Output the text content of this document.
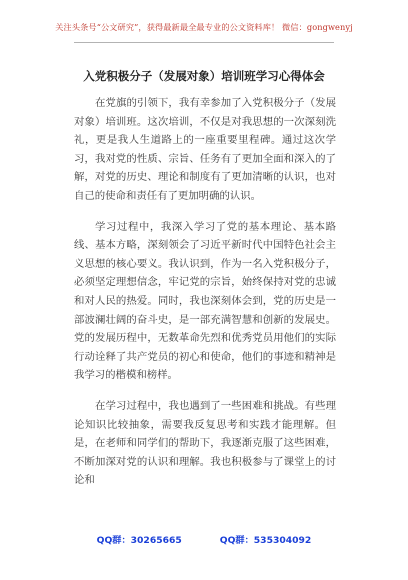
关注头条号“公文研究”，获得最新最全最专业的公文资料库！ 微信：gongwenyj
入党积极分子（发展对象）培训班学习心得体会

在党旗的引领下，我有幸参加了入党积极分子（发展对象）培训班。这次培训，不仅是对我思想的一次深刻洗礼，更是我人生道路上的一座重要里程碑。通过这次学习，我对党的性质、宗旨、任务有了更加全面和深入的了解，对党的历史、理论和制度有了更加清晰的认识，也对自己的使命和责任有了更加明确的认识。

学习过程中，我深入学习了党的基本理论、基本路线、基本方略，深刻领会了习近平新时代中国特色社会主义思想的核心要义。我认识到，作为一名入党积极分子，必须坚定理想信念，牢记党的宗旨，始终保持对党的忠诚和对人民的热爱。同时，我也深刻体会到，党的历史是一部波澜壮阔的奋斗史，是一部充满智慧和创新的发展史。党的发展历程中，无数革命先烈和优秀党员用他们的实际行动诠释了共产党员的初心和使命，他们的事迹和精神是我学习的楷模和榜样。

在学习过程中，我也遇到了一些困难和挑战。有些理论知识比较抽象，需要我反复思考和实践才能理解。但是，在老师和同学们的帮助下，我逐渐克服了这些困难，不断加深对党的认识和理解。我也积极参与了课堂上的讨论和

QQ群：30265665	QQ群：535304092
